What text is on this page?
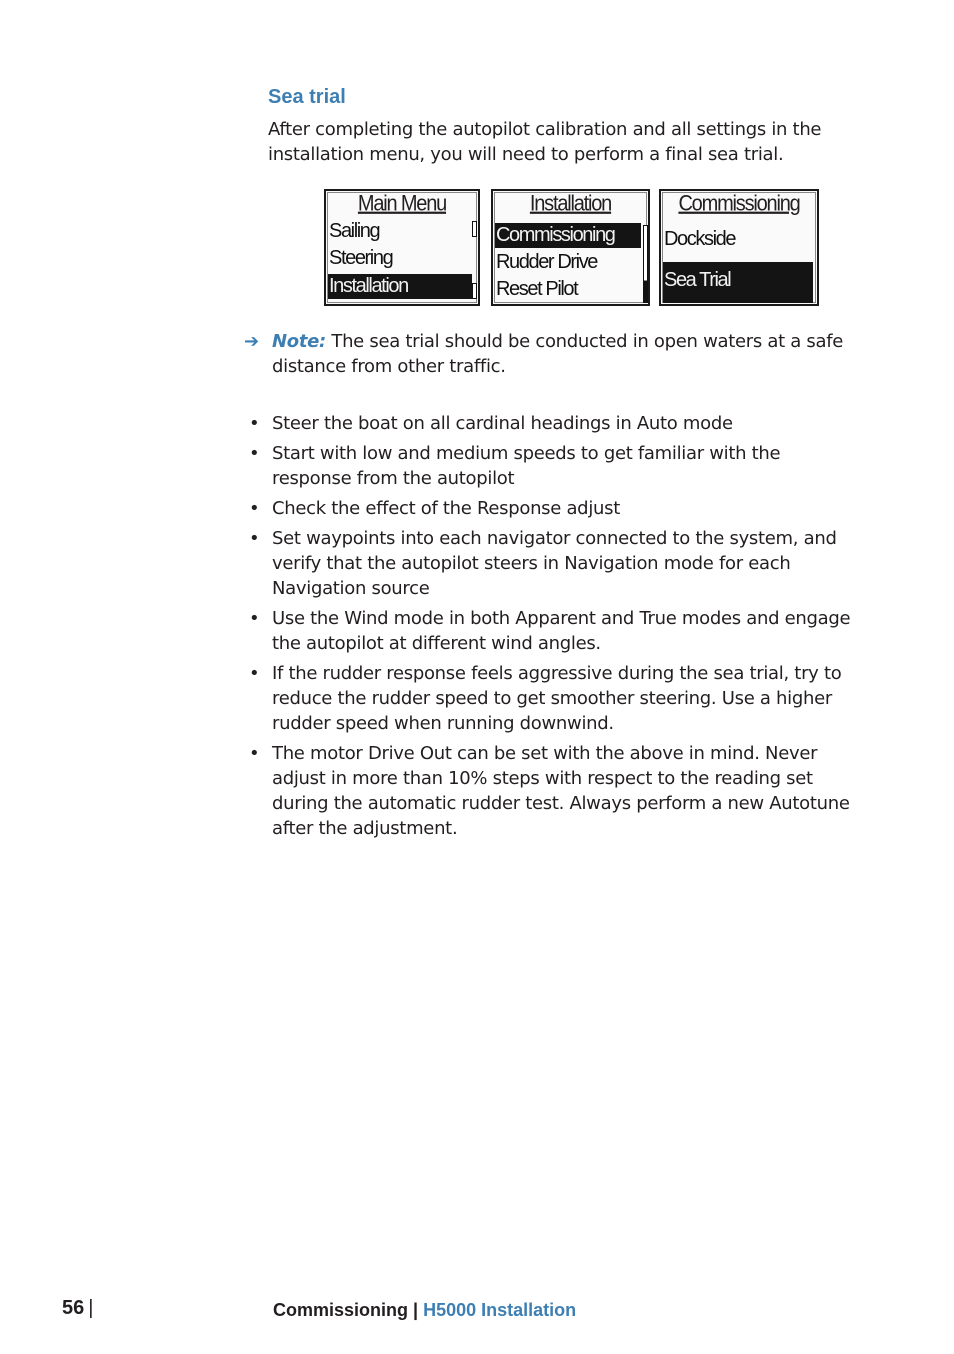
Sea trial
After completing the autopilot calibration and all settings in the installation menu, you will need to perform a final sea trial.
Main Menu
Sailing
Steering
Installation
Installation
Commissioning
Rudder Drive
Reset Pilot
Commissioning
Dockside
Sea Trial
➔ Note: The sea trial should be conducted in open waters at a safe distance from other traffic.
• Steer the boat on all cardinal headings in Auto mode
• Start with low and medium speeds to get familiar with the response from the autopilot
• Check the effect of the Response adjust
• Set waypoints into each navigator connected to the system, and verify that the autopilot steers in Navigation mode for each Navigation source
• Use the Wind mode in both Apparent and True modes and engage the autopilot at different wind angles.
• If the rudder response feels aggressive during the sea trial, try to reduce the rudder speed to get smoother steering. Use a higher rudder speed when running downwind.
• The motor Drive Out can be set with the above in mind. Never adjust in more than 10% steps with respect to the reading set during the automatic rudder test. Always perform a new Autotune after the adjustment.
56 |	Commissioning | H5000 Installation
